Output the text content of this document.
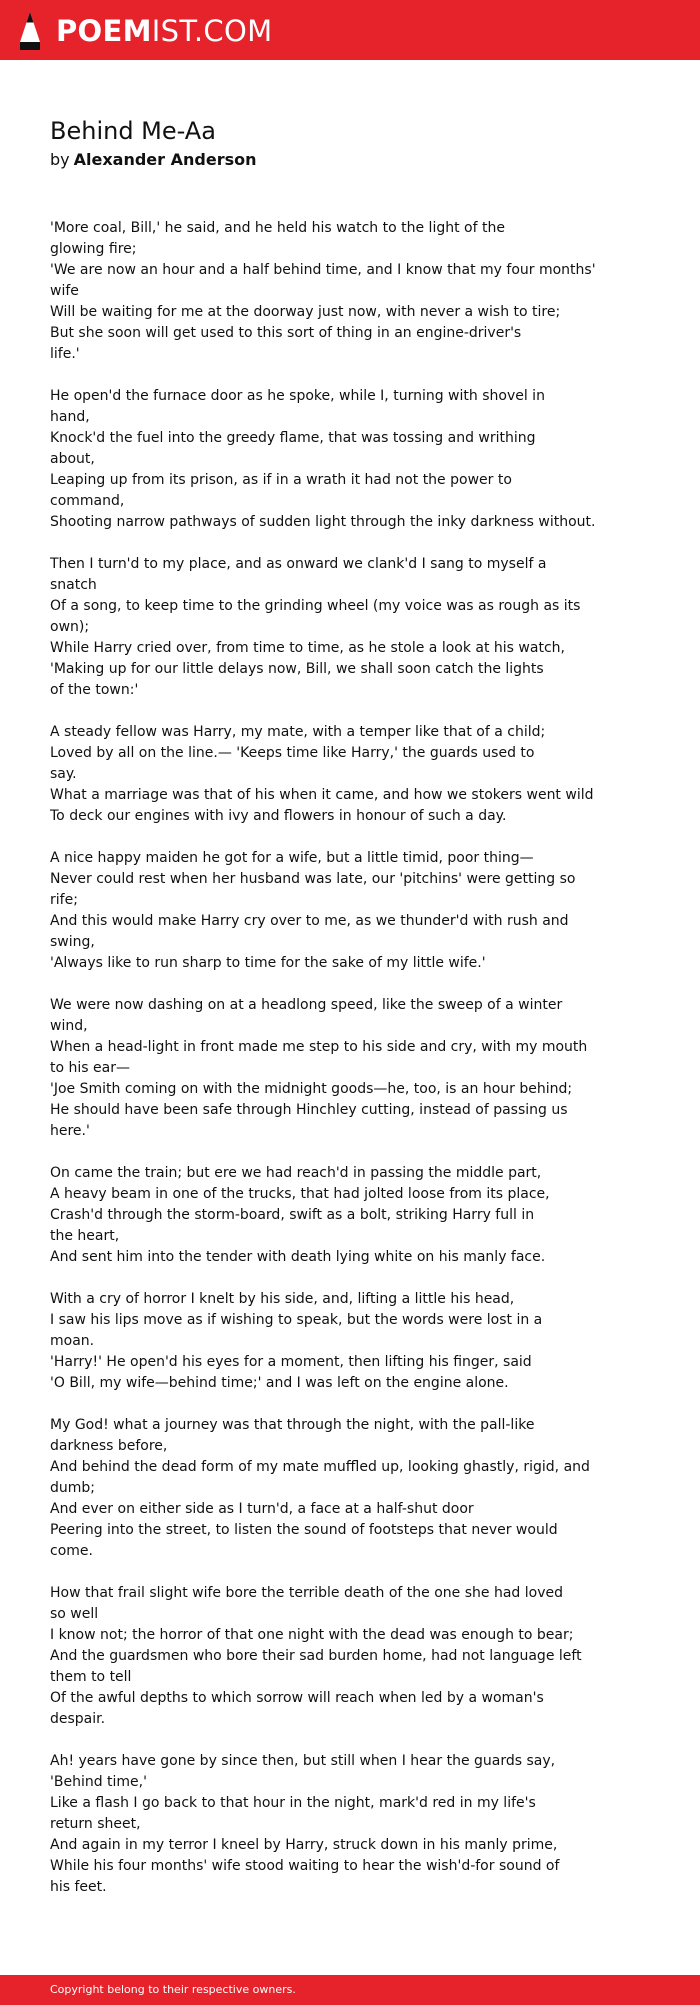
POEMIST.COM
Behind Me-Aa
by Alexander Anderson
'More coal, Bill,' he said, and he held his watch to the light of the
glowing fire;
'We are now an hour and a half behind time, and I know that my four months'
wife
Will be waiting for me at the doorway just now, with never a wish to tire;
But she soon will get used to this sort of thing in an engine-driver's
life.'
He open'd the furnace door as he spoke, while I, turning with shovel in
hand,
Knock'd the fuel into the greedy flame, that was tossing and writhing
about,
Leaping up from its prison, as if in a wrath it had not the power to
command,
Shooting narrow pathways of sudden light through the inky darkness without.
Then I turn'd to my place, and as onward we clank'd I sang to myself a
snatch
Of a song, to keep time to the grinding wheel (my voice was as rough as its
own);
While Harry cried over, from time to time, as he stole a look at his watch,
'Making up for our little delays now, Bill, we shall soon catch the lights
of the town:'
A steady fellow was Harry, my mate, with a temper like that of a child;
Loved by all on the line.— 'Keeps time like Harry,' the guards used to
say.
What a marriage was that of his when it came, and how we stokers went wild
To deck our engines with ivy and flowers in honour of such a day.
A nice happy maiden he got for a wife, but a little timid, poor thing—
Never could rest when her husband was late, our 'pitchins' were getting so
rife;
And this would make Harry cry over to me, as we thunder'd with rush and
swing,
'Always like to run sharp to time for the sake of my little wife.'
We were now dashing on at a headlong speed, like the sweep of a winter
wind,
When a head-light in front made me step to his side and cry, with my mouth
to his ear—
'Joe Smith coming on with the midnight goods—he, too, is an hour behind;
He should have been safe through Hinchley cutting, instead of passing us
here.'
On came the train; but ere we had reach'd in passing the middle part,
A heavy beam in one of the trucks, that had jolted loose from its place,
Crash'd through the storm-board, swift as a bolt, striking Harry full in
the heart,
And sent him into the tender with death lying white on his manly face.
With a cry of horror I knelt by his side, and, lifting a little his head,
I saw his lips move as if wishing to speak, but the words were lost in a
moan.
'Harry!' He open'd his eyes for a moment, then lifting his finger, said
'O Bill, my wife—behind time;' and I was left on the engine alone.
My God! what a journey was that through the night, with the pall-like
darkness before,
And behind the dead form of my mate muffled up, looking ghastly, rigid, and
dumb;
And ever on either side as I turn'd, a face at a half-shut door
Peering into the street, to listen the sound of footsteps that never would
come.
How that frail slight wife bore the terrible death of the one she had loved
so well
I know not; the horror of that one night with the dead was enough to bear;
And the guardsmen who bore their sad burden home, had not language left
them to tell
Of the awful depths to which sorrow will reach when led by a woman's
despair.
Ah! years have gone by since then, but still when I hear the guards say,
'Behind time,'
Like a flash I go back to that hour in the night, mark'd red in my life's
return sheet,
And again in my terror I kneel by Harry, struck down in his manly prime,
While his four months' wife stood waiting to hear the wish'd-for sound of
his feet.
Copyright belong to their respective owners.
